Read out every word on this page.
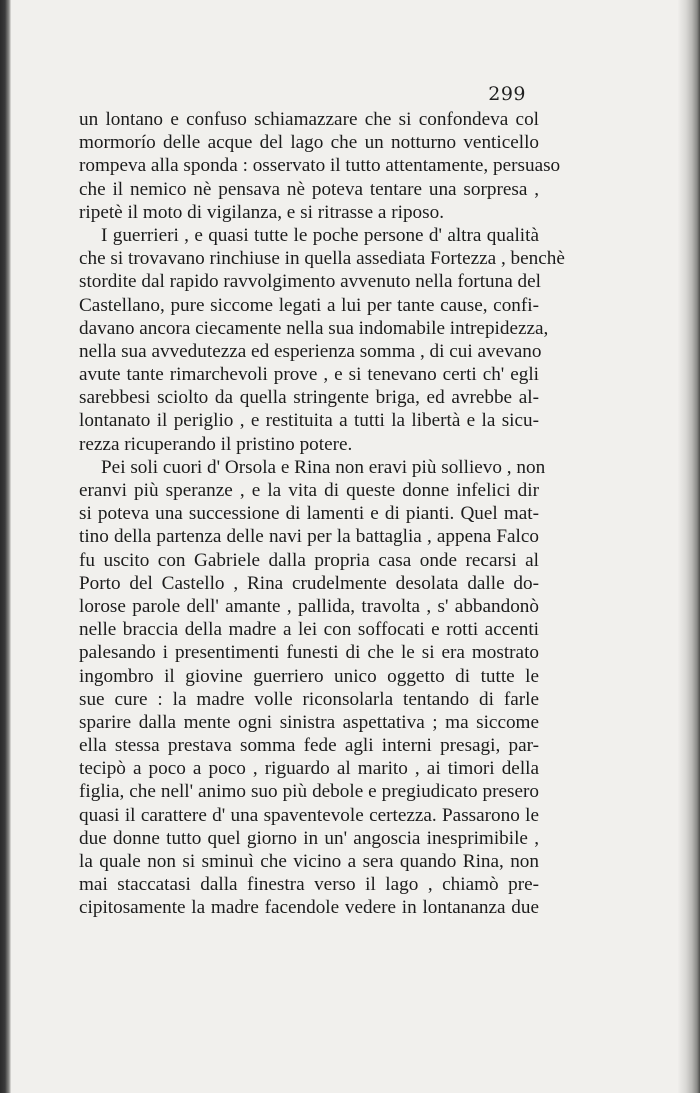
299
un lontano e confuso schiamazzare che si confondeva col
mormorío delle acque del lago che un notturno venticello
rompeva alla sponda : osservato il tutto attentamente, persuaso
che il nemico nè pensava nè poteva tentare una sorpresa ,
ripetè il moto di vigilanza, e si ritrasse a riposo.
I guerrieri , e quasi tutte le poche persone d' altra qualità
che si trovavano rinchiuse in quella assediata Fortezza , benchè
stordite dal rapido ravvolgimento avvenuto nella fortuna del
Castellano, pure siccome legati a lui per tante cause, confi-
davano ancora ciecamente nella sua indomabile intrepidezza,
nella sua avvedutezza ed esperienza somma , di cui avevano
avute tante rimarchevoli prove , e si tenevano certi ch' egli
sarebbesi sciolto da quella stringente briga, ed avrebbe al-
lontanato il periglio , e restituita a tutti la libertà e la sicu-
rezza ricuperando il pristino potere.
Pei soli cuori d' Orsola e Rina non eravi più sollievo , non
eranvi più speranze , e la vita di queste donne infelici dir
si poteva una successione di lamenti e di pianti. Quel mat-
tino della partenza delle navi per la battaglia , appena Falco
fu uscito con Gabriele dalla propria casa onde recarsi al
Porto del Castello , Rina crudelmente desolata dalle do-
lorose parole dell' amante , pallida, travolta , s' abbandonò
nelle braccia della madre a lei con soffocati e rotti accenti
palesando i presentimenti funesti di che le si era mostrato
ingombro il giovine guerriero unico oggetto di tutte le
sue cure : la madre volle riconsolarla tentando di farle
sparire dalla mente ogni sinistra aspettativa ; ma siccome
ella stessa prestava somma fede agli interni presagi, par-
tecipò a poco a poco , riguardo al marito , ai timori della
figlia, che nell' animo suo più debole e pregiudicato presero
quasi il carattere d' una spaventevole certezza. Passarono le
due donne tutto quel giorno in un' angoscia inesprimibile ,
la quale non si sminuì che vicino a sera quando Rina, non
mai staccatasi dalla finestra verso il lago , chiamò pre-
cipitosamente la madre facendole vedere in lontananza due
